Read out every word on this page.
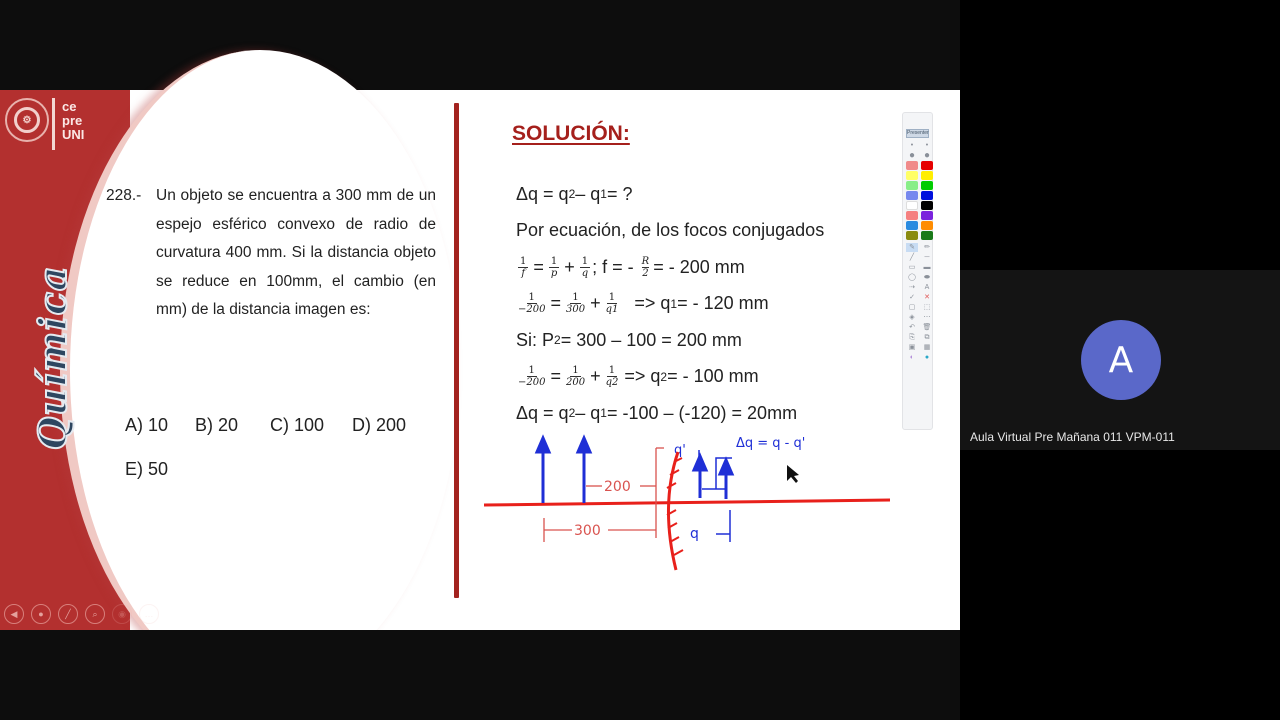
⚙
ce
pre
UNI
Química
◀	●	╱	⌕	◉	…
228.- Un objeto se encuentra a 300 mm de un espejo esférico convexo de radio de curvatura 400 mm. Si la distancia objeto se reduce en 100mm, el cambio (en mm) de la distancia imagen es:
A) 10	B) 20	C) 100	D) 200
E) 50
SOLUCIÓN:
Δq = q 2 – q 1 = ?
Por ecuación, de los focos conjugados
$\frac{1}{f} = \frac{1}{p} + \frac{1}{q}$ ; f = - $\frac{R}{2}$ = - 200 mm
$\frac{1}{-200} = \frac{1}{300} + \frac{1}{q1} => q$ 1 = - 120 mm
Si: P 2 = 300 – 100 = 200 mm
$\frac{1}{-200} = \frac{1}{200} + \frac{1}{q2} => q$ 2 = - 100 mm
Δq = q 2 – q 1 = -100 – (-120) = 20mm
q
q'	Δq = q - q'
200
300
Presenter
•	•
● ●
✎	✏
╱	─
▭	▬
◯	⬬
⇢	A
✓	✕
▢	⬚
◈	⋯
↶	🗑
⎘	⧉
▣	▦
◐	●	A
Aula Virtual Pre Mañana 011 VPM-011
